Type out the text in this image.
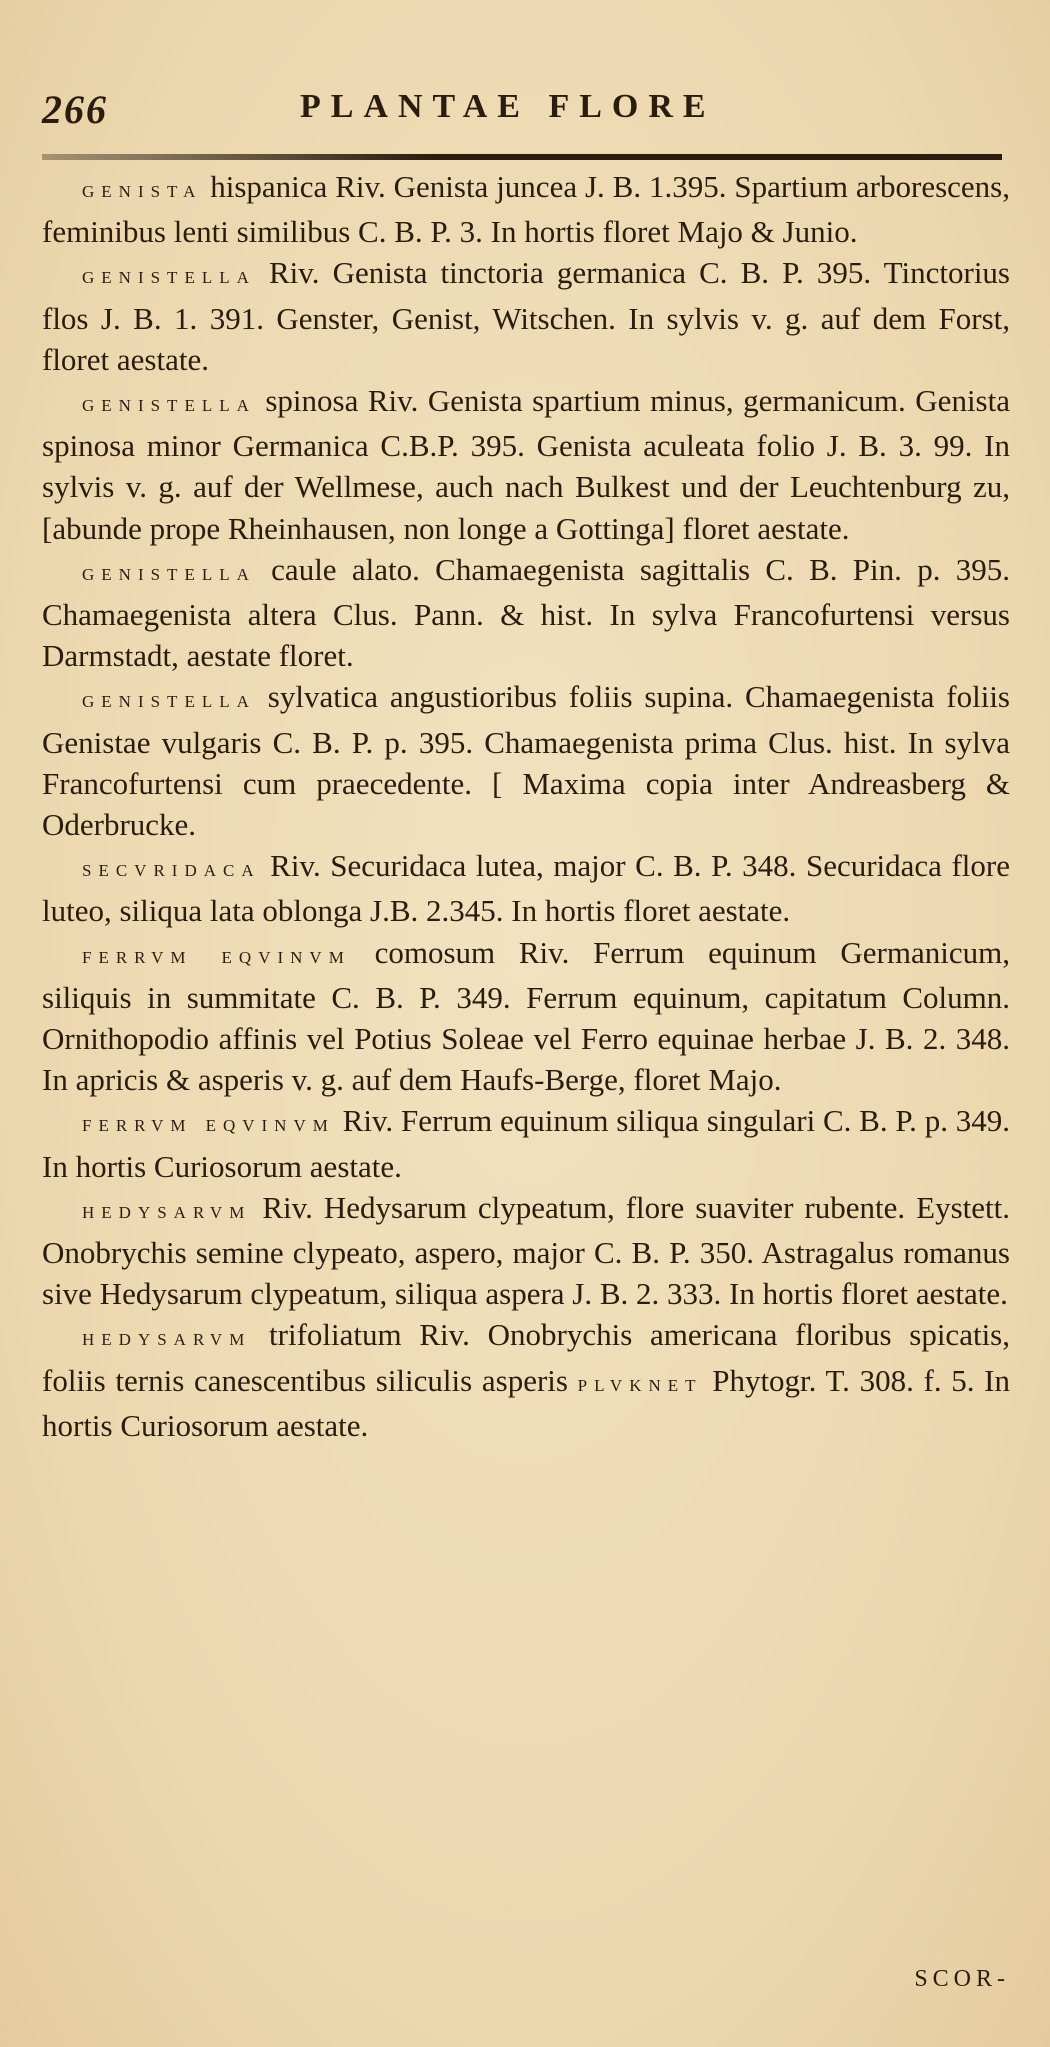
266	PLANTAE FLORE

genista hispanica Riv. Genista juncea J. B. 1.395. Spartium arborescens, feminibus lenti similibus C. B. P. 3. In hortis floret Majo & Junio.

genistella Riv. Genista tinctoria germanica C. B. P. 395. Tinctorius flos J. B. 1. 391. Genster, Genist, Witschen. In sylvis v. g. auf dem Forst, floret aestate.

genistella spinosa Riv. Genista spartium minus, germanicum. Genista spinosa minor Germanica C.B.P. 395. Genista aculeata folio J. B. 3. 99. In sylvis v. g. auf der Wellmese, auch nach Bulkest und der Leuchtenburg zu, [abunde prope Rheinhausen, non longe a Gottinga] floret aestate.

genistella caule alato. Chamaegenista sagittalis C. B. Pin. p. 395. Chamaegenista altera Clus. Pann. & hist. In sylva Francofurtensi versus Darmstadt, aestate floret.

genistella sylvatica angustioribus foliis supina. Chamaegenista foliis Genistae vulgaris C. B. P. p. 395. Chamaegenista prima Clus. hist. In sylva Francofurtensi cum praecedente. [ Maxima copia inter Andreasberg & Oderbrucke.

secvridaca Riv. Securidaca lutea, major C. B. P. 348. Securidaca flore luteo, siliqua lata oblonga J.B. 2.345. In hortis floret aestate.

ferrvm eqvinvm comosum Riv. Ferrum equinum Germanicum, siliquis in summitate C. B. P. 349. Ferrum equinum, capitatum Column. Ornithopodio affinis vel Potius Soleae vel Ferro equinae herbae J. B. 2. 348. In apricis & asperis v. g. auf dem Haufs-Berge, floret Majo.

ferrvm eqvinvm Riv. Ferrum equinum siliqua singulari C. B. P. p. 349. In hortis Curiosorum aestate.

hedysarvm Riv. Hedysarum clypeatum, flore suaviter rubente. Eystett. Onobrychis semine clypeato, aspero, major C. B. P. 350. Astragalus romanus sive Hedysarum clypeatum, siliqua aspera J. B. 2. 333. In hortis floret aestate.

hedysarvm trifoliatum Riv. Onobrychis americana floribus spicatis, foliis ternis canescentibus siliculis asperis plvknet Phytogr. T. 308. f. 5. In hortis Curiosorum aestate.

SCOR-
